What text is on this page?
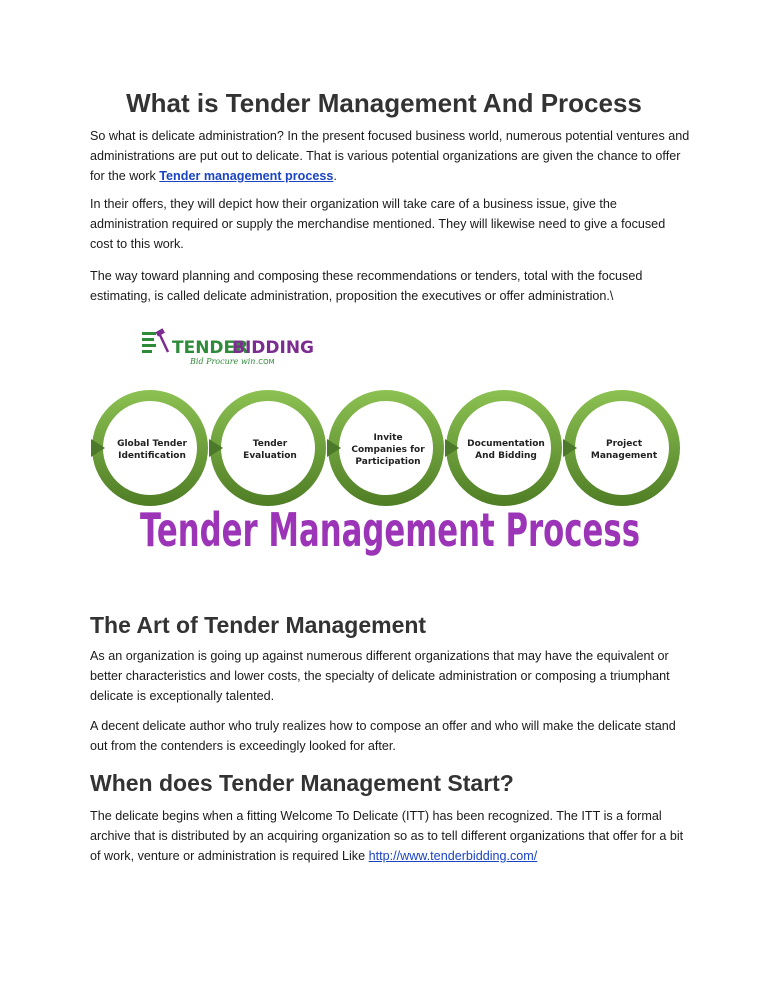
What is Tender Management And Process

So what is delicate administration? In the present focused business world, numerous potential ventures and administrations are put out to delicate. That is various potential organizations are given the chance to offer for the work Tender management process.

In their offers, they will depict how their organization will take care of a business issue, give the administration required or supply the merchandise mentioned. They will likewise need to give a focused cost to this work.

The way toward planning and composing these recommendations or tenders, total with the focused estimating, is called delicate administration, proposition the executives or offer administration.\

TENDER
BIDDING
.COM
Bid Procure win
Global Tender
Identification
Tender
Evaluation
Invite
Companies for
Participation
Documentation
And Bidding
Project
Management
Tender Management Process
The Art of Tender Management

As an organization is going up against numerous different organizations that may have the equivalent or better characteristics and lower costs, the specialty of delicate administration or composing a triumphant delicate is exceptionally talented.

A decent delicate author who truly realizes how to compose an offer and who will make the delicate stand out from the contenders is exceedingly looked for after.

When does Tender Management Start?

The delicate begins when a fitting Welcome To Delicate (ITT) has been recognized. The ITT is a formal archive that is distributed by an acquiring organization so as to tell different organizations that offer for a bit of work, venture or administration is required Like http://www.tenderbidding.com/
